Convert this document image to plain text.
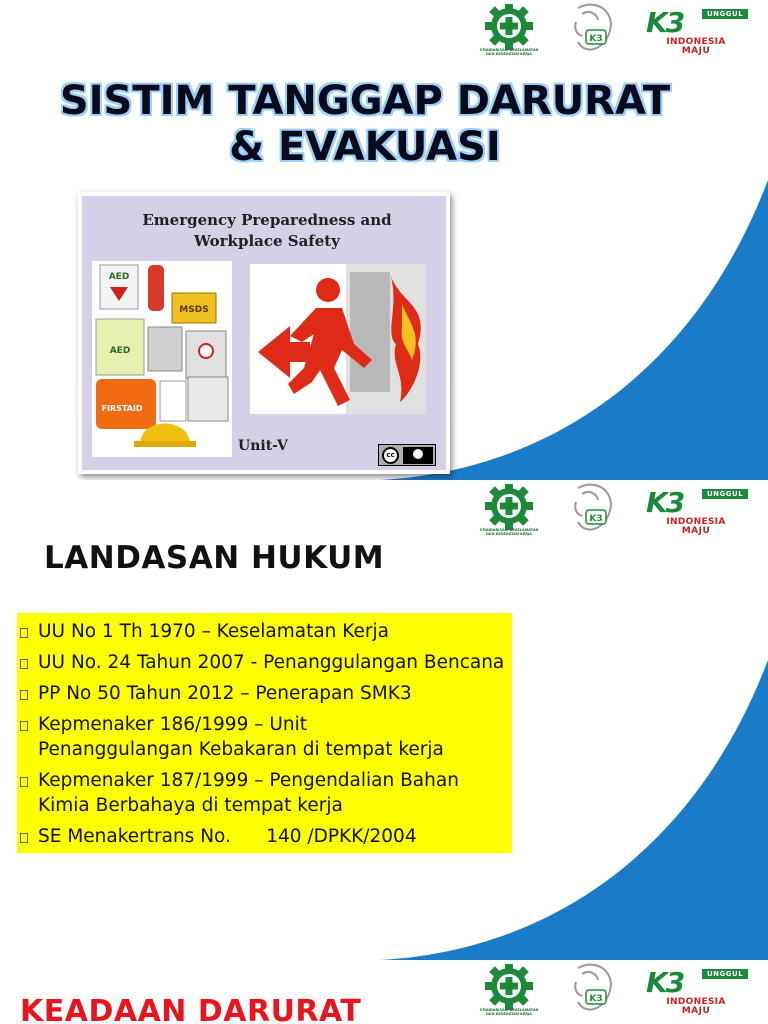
STANDARISASI KESELAMATAN DAN KESEHATAN KERJA
K3 K3	UNGGUL
INDONESIA
MAJU
SISTIM TANGGAP DARURAT
& EVAKUASI
Emergency Preparedness and Workplace Safety
AED
MSDS
AED
FIRSTAID
Unit-V
cc
STANDARISASI KESELAMATAN DAN KESEHATAN KERJA
K3 K3	UNGGUL
INDONESIA
MAJU
LANDASAN HUKUM
UU No 1 Th 1970 – Keselamatan Kerja
UU No. 24 Tahun 2007 - Penanggulangan Bencana
PP No 50 Tahun 2012 – Penerapan SMK3
Kepmenaker 186/1999 – Unit
Penanggulangan Kebakaran di tempat kerja
Kepmenaker 187/1999 – Pengendalian Bahan
Kimia Berbahaya di tempat kerja
SE Menakertrans No.      140 /DPKK/2004
STANDARISASI KESELAMATAN DAN KESEHATAN KERJA
K3 K3	UNGGUL
INDONESIA
MAJU
KEADAAN DARURAT
